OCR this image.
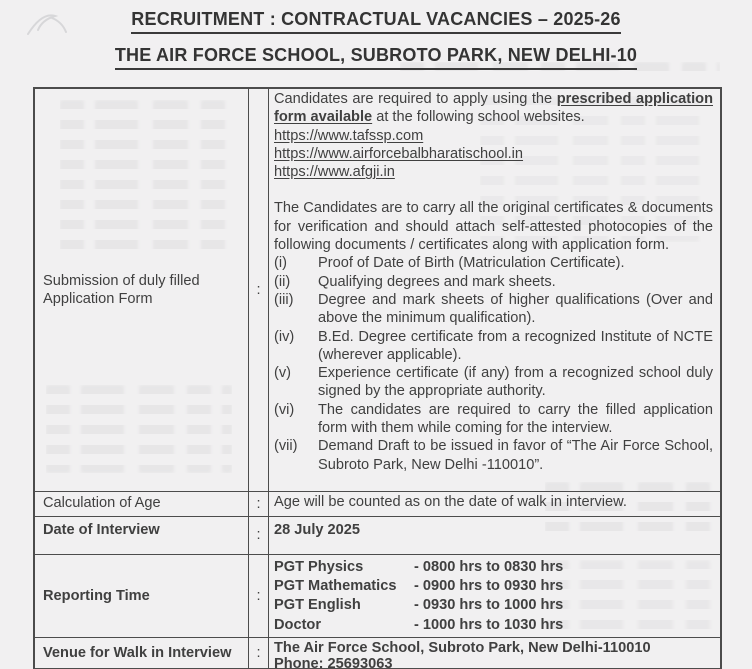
RECRUITMENT : CONTRACTUAL VACANCIES – 2025-26
THE AIR FORCE SCHOOL, SUBROTO PARK, NEW DELHI-10
Submission of duly filled Application Form
:

Candidates are required to apply using the prescribed application form available at the following school websites.

https://www.tafssp.com
https://www.airforcebalbharatischool.in
https://www.afgji.in

The Candidates are to carry all the original certificates & documents for verification and should attach self-attested photocopies of the following documents / certificates along with application form.

(i)	Proof of Date of Birth (Matriculation Certificate).
(ii)	Qualifying degrees and mark sheets.
(iii)	Degree and mark sheets of higher qualifications (Over and above the minimum qualification).
(iv)	B.Ed. Degree certificate from a recognized Institute of NCTE (wherever applicable).
(v)	Experience certificate (if any) from a recognized school duly signed by the appropriate authority.
(vi)	The candidates are required to carry the filled application form with them while coming for the interview.
(vii)	Demand Draft to be issued in favor of “The Air Force School, Subroto Park, New Delhi -110010”.
Calculation of Age	: Age will be counted as on the date of walk in interview.
Date of Interview	: 28 July 2025
Reporting Time	:
PGT Physics	- 0800 hrs to 0830 hrs
PGT Mathematics	- 0900 hrs to 0930 hrs
PGT English	- 0930 hrs to 1000 hrs
Doctor	- 1000 hrs to 1030 hrs
Venue for Walk in Interview : The Air Force School, Subroto Park, New Delhi-110010
Phone: 25693063
